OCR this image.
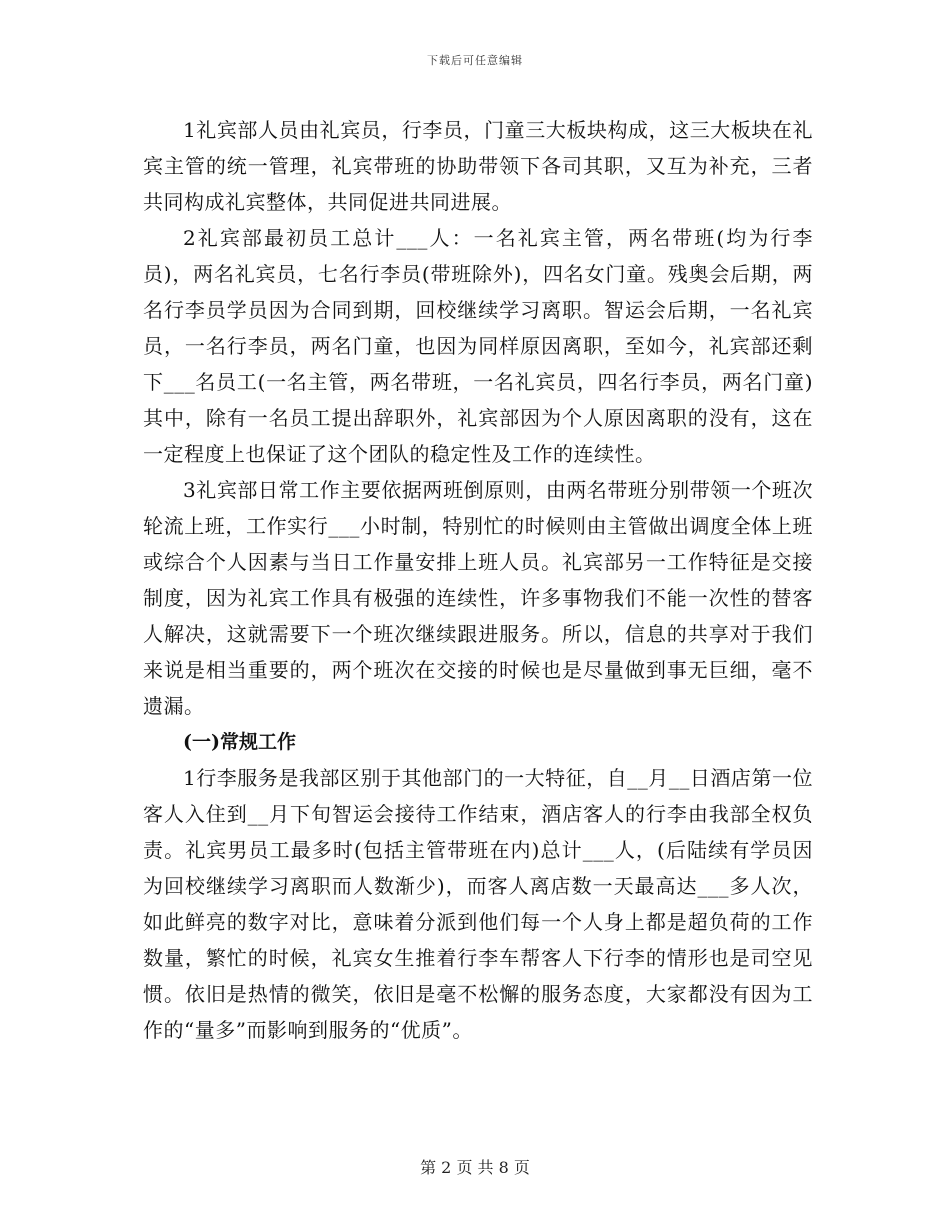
下载后可任意编辑

1礼宾部人员由礼宾员，行李员，门童三大板块构成，这三大板块在礼宾主管的统一管理，礼宾带班的协助带领下各司其职，又互为补充，三者共同构成礼宾整体，共同促进共同进展。

2礼宾部最初员工总计___人：一名礼宾主管，两名带班(均为行李员)，两名礼宾员，七名行李员(带班除外)，四名女门童。残奥会后期，两名行李员学员因为合同到期，回校继续学习离职。智运会后期，一名礼宾员，一名行李员，两名门童，也因为同样原因离职，至如今，礼宾部还剩下___名员工(一名主管，两名带班，一名礼宾员，四名行李员，两名门童)其中，除有一名员工提出辞职外，礼宾部因为个人原因离职的没有，这在一定程度上也保证了这个团队的稳定性及工作的连续性。

3礼宾部日常工作主要依据两班倒原则，由两名带班分别带领一个班次轮流上班，工作实行___小时制，特别忙的时候则由主管做出调度全体上班或综合个人因素与当日工作量安排上班人员。礼宾部另一工作特征是交接制度，因为礼宾工作具有极强的连续性，许多事物我们不能一次性的替客人解决，这就需要下一个班次继续跟进服务。所以，信息的共享对于我们来说是相当重要的，两个班次在交接的时候也是尽量做到事无巨细，毫不遗漏。

(一)常规工作

1行李服务是我部区别于其他部门的一大特征，自__月__日酒店第一位客人入住到__月下旬智运会接待工作结束，酒店客人的行李由我部全权负责。礼宾男员工最多时(包括主管带班在内)总计___人，(后陆续有学员因为回校继续学习离职而人数渐少)，而客人离店数一天最高达___多人次，如此鲜亮的数字对比，意味着分派到他们每一个人身上都是超负荷的工作数量，繁忙的时候，礼宾女生推着行李车帮客人下行李的情形也是司空见惯。依旧是热情的微笑，依旧是毫不松懈的服务态度，大家都没有因为工作的“量多”而影响到服务的“优质”。

第 2 页 共 8 页
